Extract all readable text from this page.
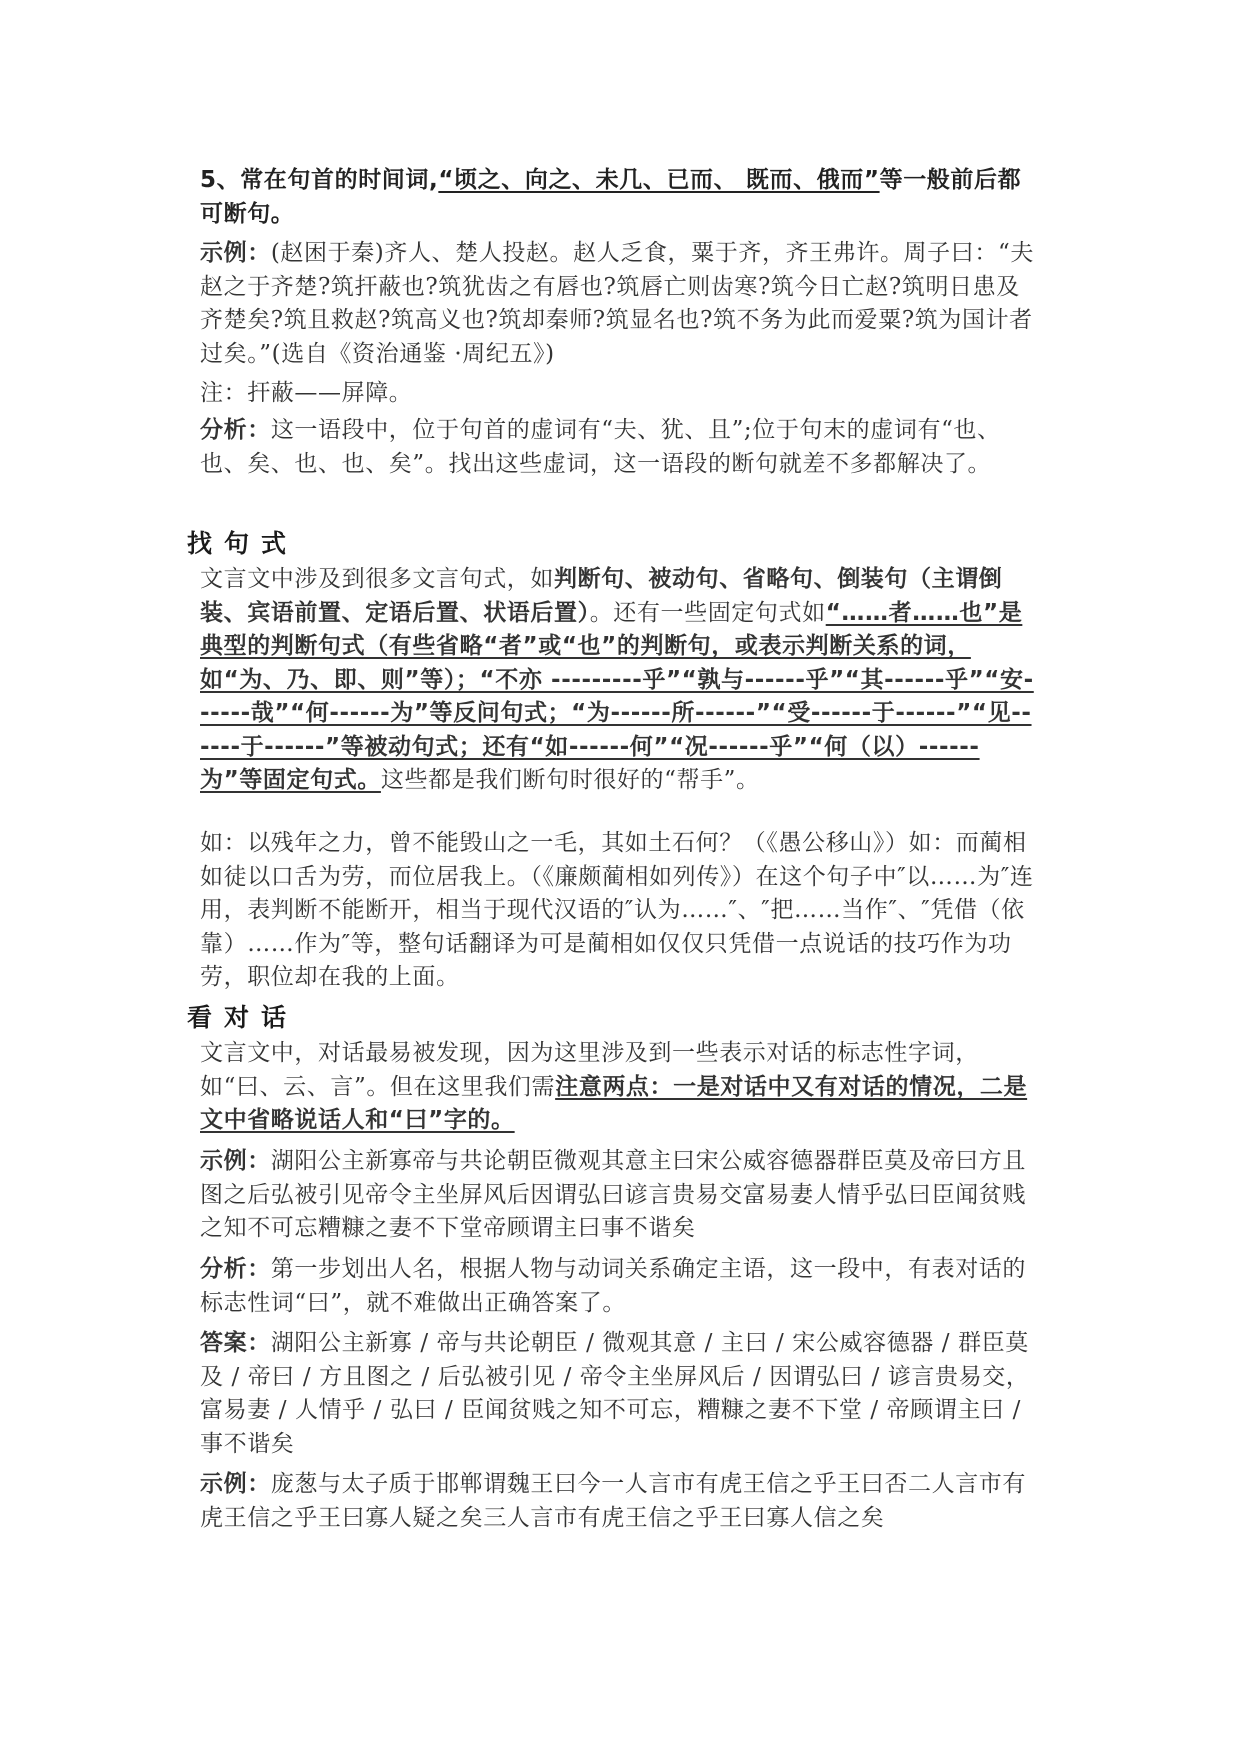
5、常在句首的时间词,“顷之、向之、未几、已而、 既而、俄而”等一般前后都可断句。

示例：(赵困于秦)齐人、楚人投赵。赵人乏食，粟于齐，齐王弗许。周子曰：“夫赵之于齐楚?筑扞蔽也?筑犹齿之有唇也?筑唇亡则齿寒?筑今日亡赵?筑明日患及齐楚矣?筑且救赵?筑高义也?筑却秦师?筑显名也?筑不务为此而爱粟?筑为国计者过矣。”(选自《资治通鉴 ·周纪五》)

注：扞蔽——屏障。

分析：这一语段中，位于句首的虚词有“夫、犹、且”;位于句末的虚词有“也、也、矣、也、也、矣”。找出这些虚词，这一语段的断句就差不多都解决了。

找句式

文言文中涉及到很多文言句式，如判断句、被动句、省略句、倒装句（主谓倒装、宾语前置、定语后置、状语后置）。还有一些固定句式如“……者……也”是典型的判断句式（有些省略“者”或“也”的判断句，或表示判断关系的词，如“为、乃、即、则”等）；“不亦 ---------乎”“孰与------乎”“其------乎”“安------哉”“何------为”等反问句式；“为------所------”“受------于------”“见------于------”等被动句式；还有“如------何”“况------乎”“何（以）------为”等固定句式。这些都是我们断句时很好的“帮手”。

如：以残年之力，曾不能毁山之一毛，其如土石何？（《愚公移山》）如：而蔺相如徒以口舌为劳，而位居我上。（《廉颇蔺相如列传》）在这个句子中″以……为″连用，表判断不能断开，相当于现代汉语的″认为……″、″把……当作″、″凭借（依靠）……作为″等，整句话翻译为可是蔺相如仅仅只凭借一点说话的技巧作为功劳，职位却在我的上面。

看对话

文言文中，对话最易被发现，因为这里涉及到一些表示对话的标志性字词，如“曰、云、言”。但在这里我们需注意两点：一是对话中又有对话的情况，二是文中省略说话人和“曰”字的。

示例：湖阳公主新寡帝与共论朝臣微观其意主曰宋公威容德器群臣莫及帝曰方且图之后弘被引见帝令主坐屏风后因谓弘曰谚言贵易交富易妻人情乎弘曰臣闻贫贱之知不可忘糟糠之妻不下堂帝顾谓主曰事不谐矣

分析：第一步划出人名，根据人物与动词关系确定主语，这一段中，有表对话的标志性词“曰”，就不难做出正确答案了。

答案：湖阳公主新寡 / 帝与共论朝臣 / 微观其意 / 主曰 / 宋公威容德器 / 群臣莫及 / 帝曰 / 方且图之 / 后弘被引见 / 帝令主坐屏风后 / 因谓弘曰 / 谚言贵易交，富易妻 / 人情乎 / 弘曰 / 臣闻贫贱之知不可忘，糟糠之妻不下堂 / 帝顾谓主曰 / 事不谐矣

示例：庞葱与太子质于邯郸谓魏王曰今一人言市有虎王信之乎王曰否二人言市有虎王信之乎王曰寡人疑之矣三人言市有虎王信之乎王曰寡人信之矣
